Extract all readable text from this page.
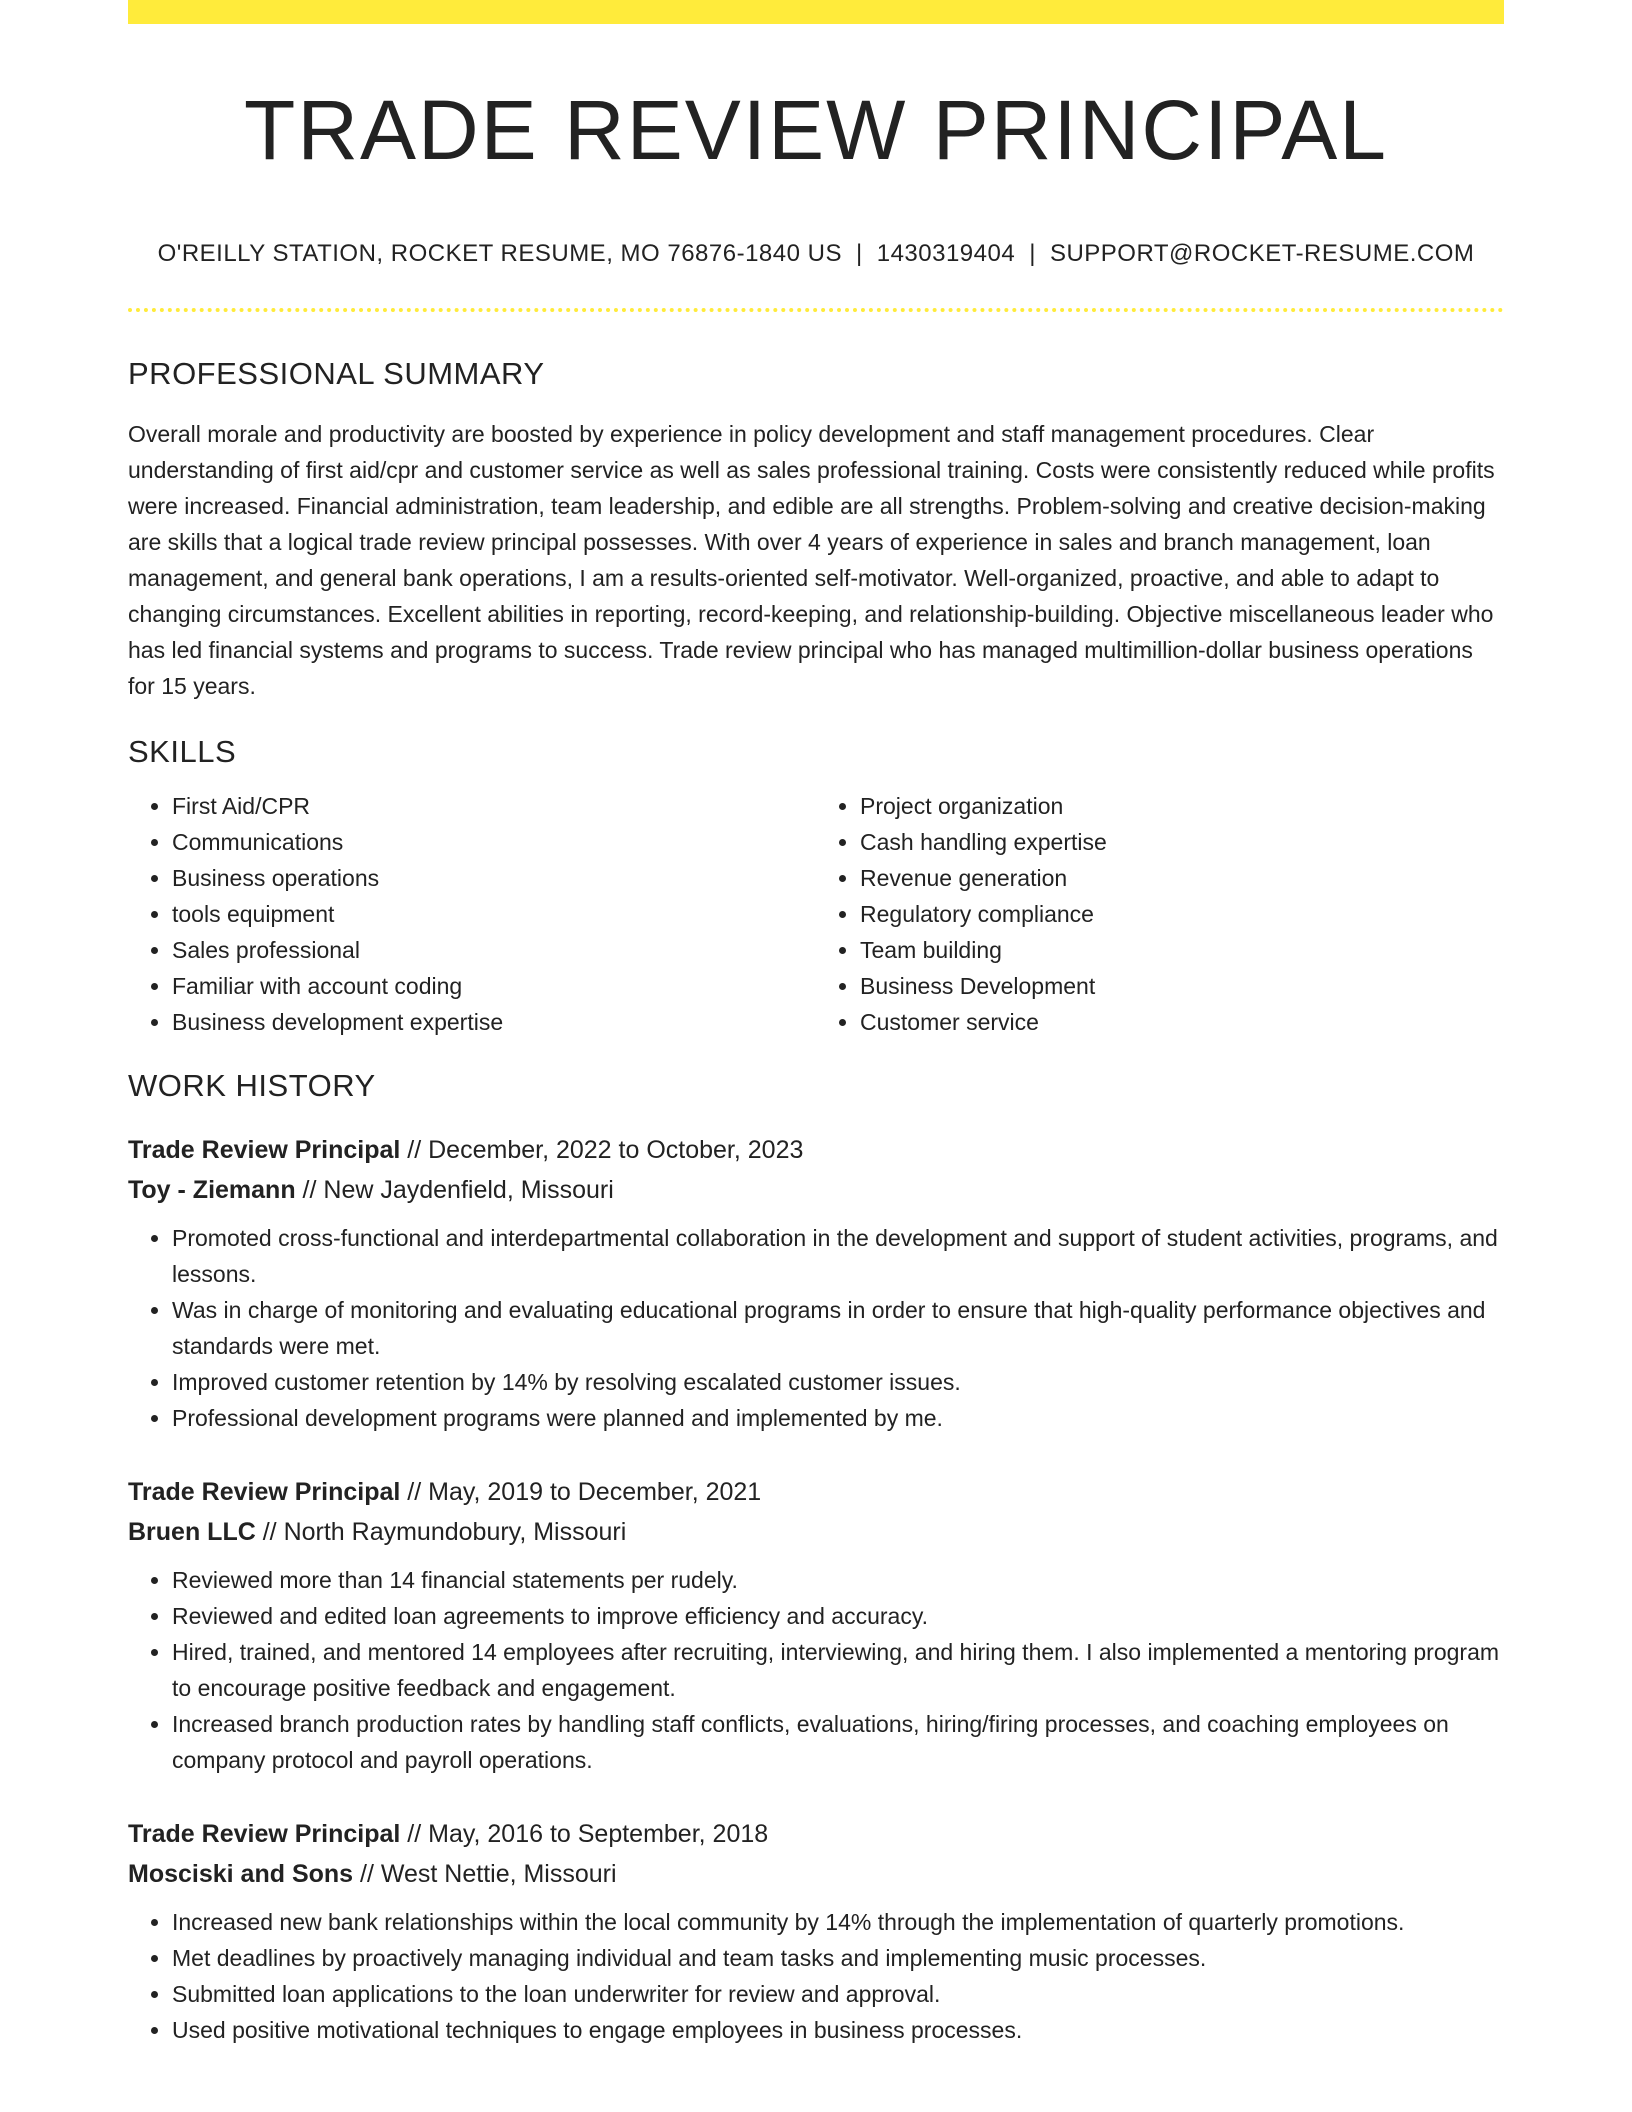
TRADE REVIEW PRINCIPAL
O'REILLY STATION, ROCKET RESUME, MO 76876-1840 US | 1430319404 | SUPPORT@ROCKET-RESUME.COM
PROFESSIONAL SUMMARY

Overall morale and productivity are boosted by experience in policy development and staff management procedures. Clear understanding of first aid/cpr and customer service as well as sales professional training. Costs were consistently reduced while profits were increased. Financial administration, team leadership, and edible are all strengths. Problem-solving and creative decision-making are skills that a logical trade review principal possesses. With over 4 years of experience in sales and branch management, loan management, and general bank operations, I am a results-oriented self-motivator. Well-organized, proactive, and able to adapt to changing circumstances. Excellent abilities in reporting, record-keeping, and relationship-building. Objective miscellaneous leader who has led financial systems and programs to success. Trade review principal who has managed multimillion-dollar business operations for 15 years.

SKILLS
• First Aid/CPR
• Communications
• Business operations
• tools equipment
• Sales professional
• Familiar with account coding
• Business development expertise
• Project organization
• Cash handling expertise
• Revenue generation
• Regulatory compliance
• Team building
• Business Development
• Customer service
WORK HISTORY
Trade Review Principal // December, 2022 to October, 2023
Toy - Ziemann // New Jaydenfield, Missouri
• Promoted cross-functional and interdepartmental collaboration in the development and support of student activities, programs, and lessons.
• Was in charge of monitoring and evaluating educational programs in order to ensure that high-quality performance objectives and standards were met.
• Improved customer retention by 14% by resolving escalated customer issues.
• Professional development programs were planned and implemented by me.
Trade Review Principal // May, 2019 to December, 2021
Bruen LLC // North Raymundobury, Missouri
• Reviewed more than 14 financial statements per rudely.
• Reviewed and edited loan agreements to improve efficiency and accuracy.
• Hired, trained, and mentored 14 employees after recruiting, interviewing, and hiring them. I also implemented a mentoring program to encourage positive feedback and engagement.
• Increased branch production rates by handling staff conflicts, evaluations, hiring/firing processes, and coaching employees on company protocol and payroll operations.
Trade Review Principal // May, 2016 to September, 2018
Mosciski and Sons // West Nettie, Missouri
• Increased new bank relationships within the local community by 14% through the implementation of quarterly promotions.
• Met deadlines by proactively managing individual and team tasks and implementing music processes.
• Submitted loan applications to the loan underwriter for review and approval.
• Used positive motivational techniques to engage employees in business processes.
